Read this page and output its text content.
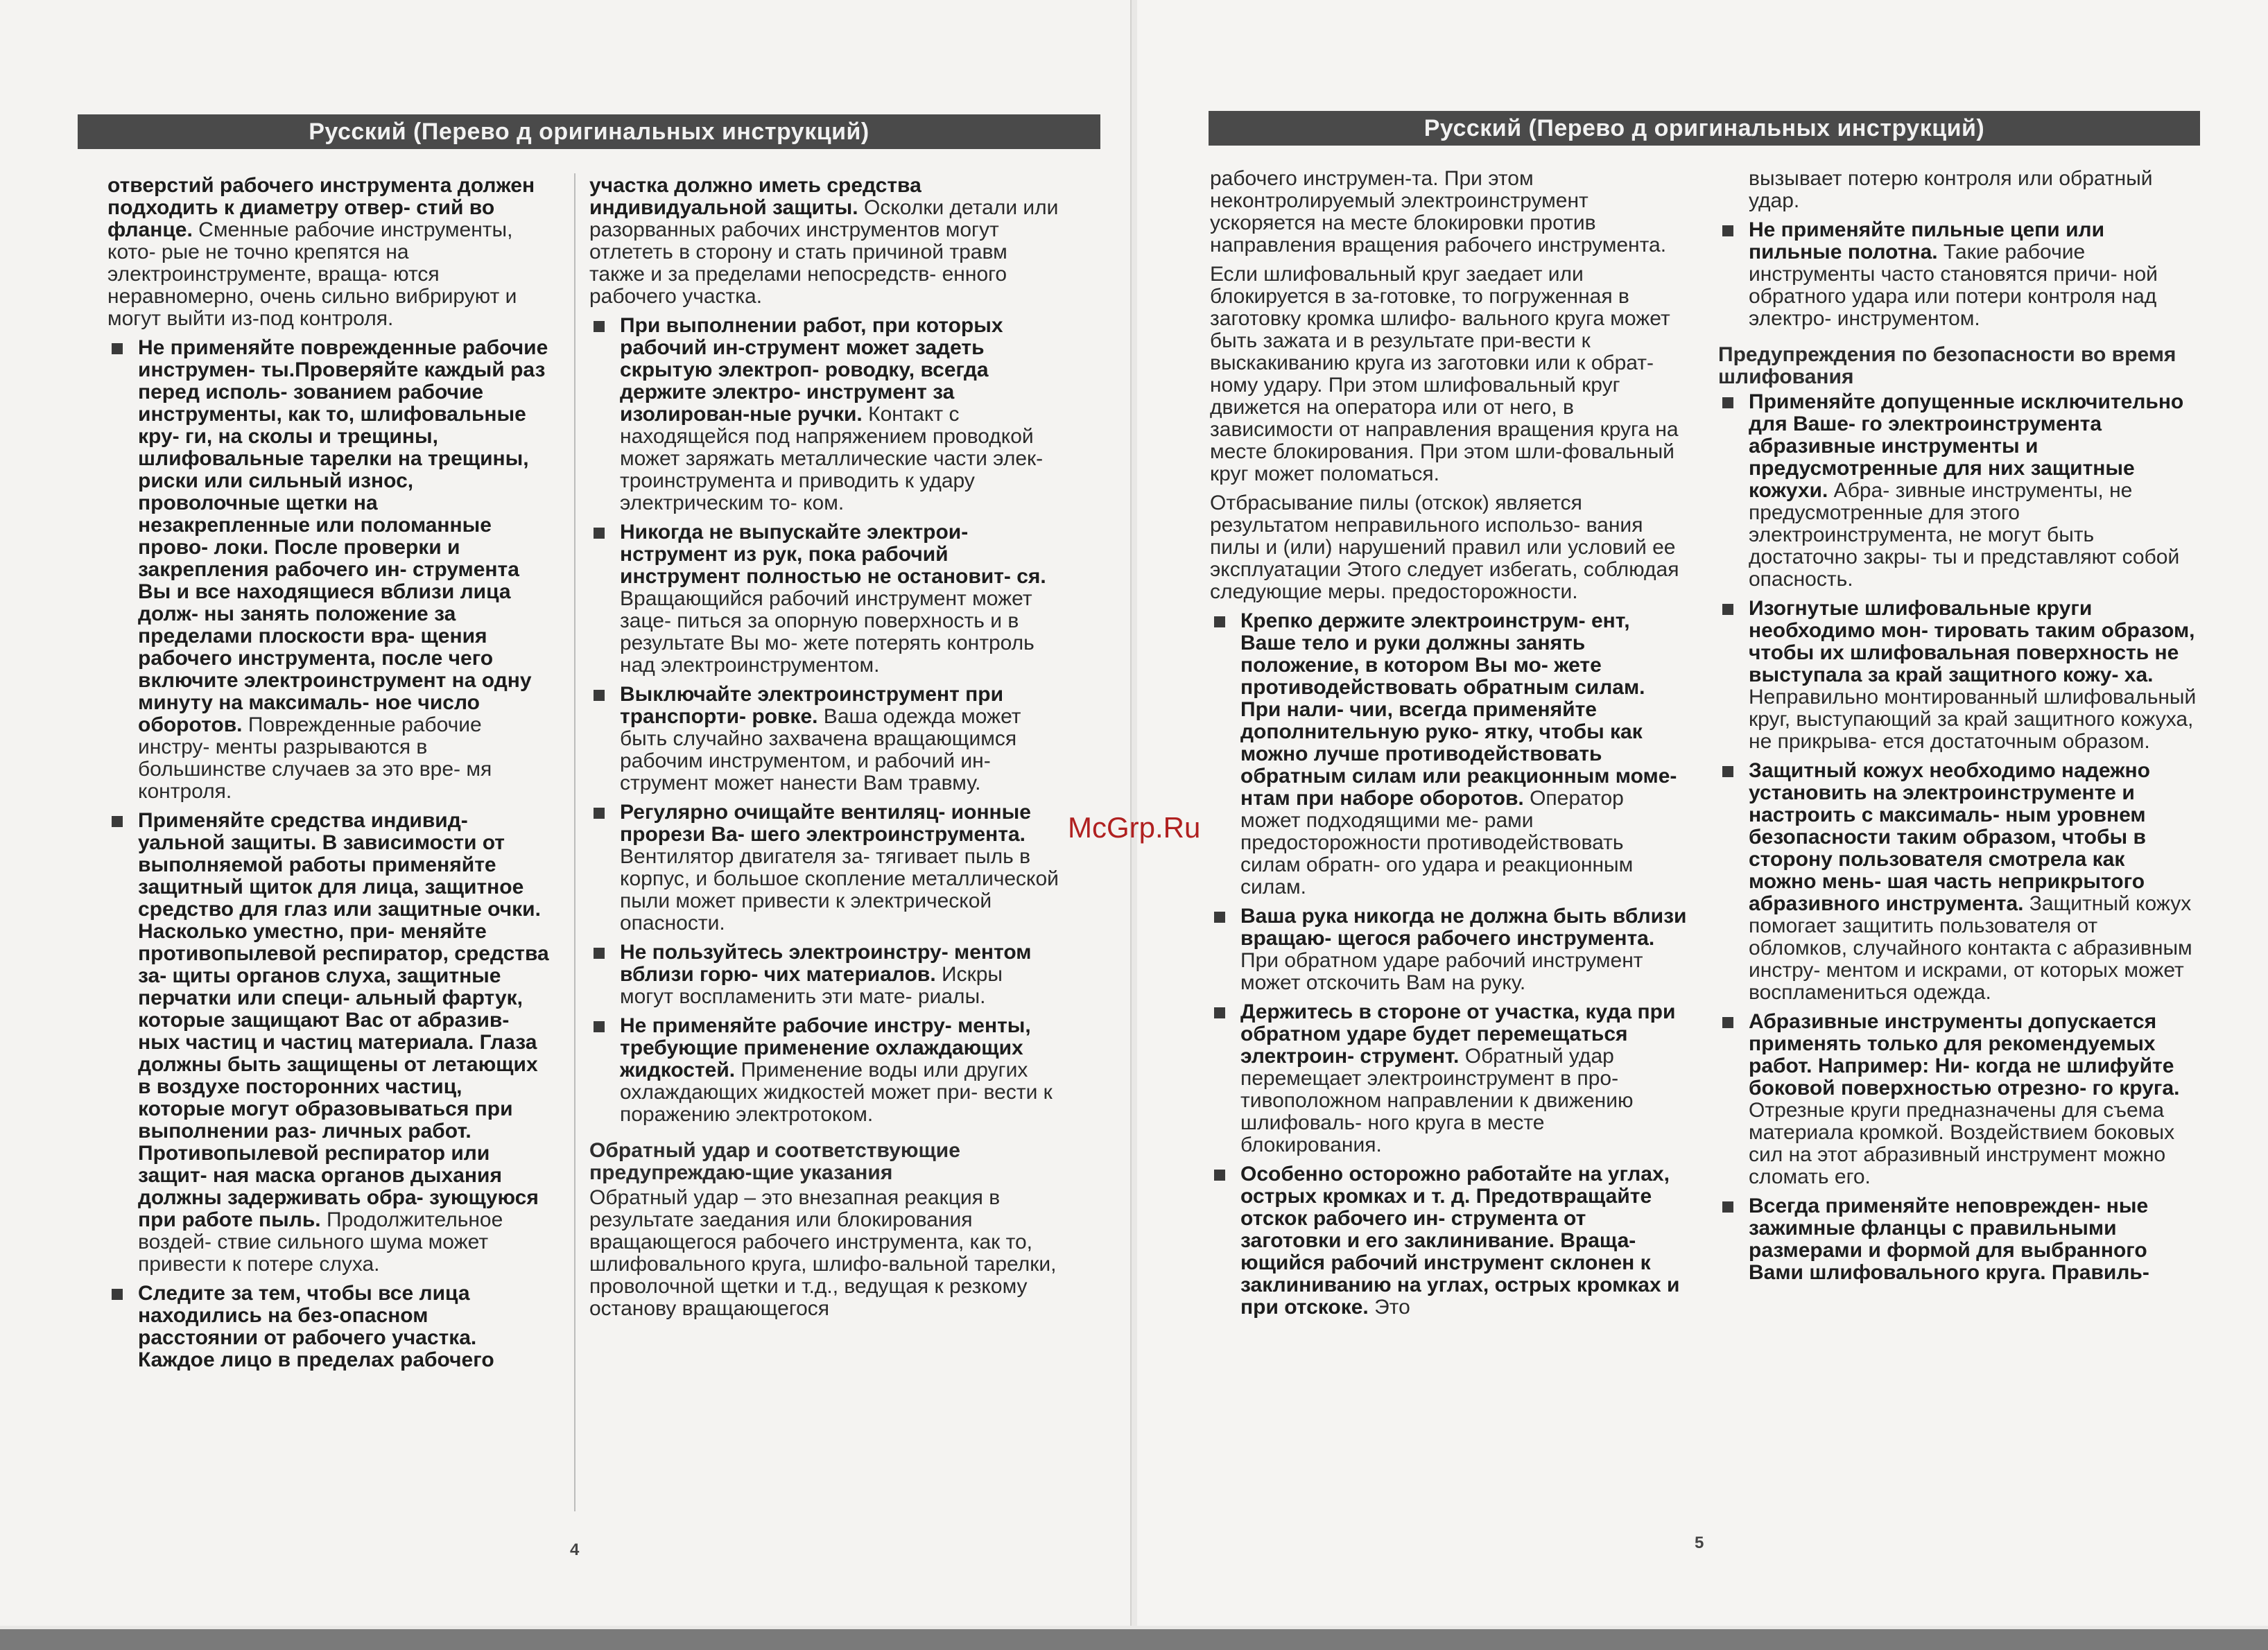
Русский (Перево д оригинальных инструкций)

отверстий рабочего инструмента должен подходить к диаметру отвер- стий во фланце. Сменные рабочие инструменты, кото- рые не точно крепятся на электроинструменте, враща- ются неравномерно, очень сильно вибрируют и могут выйти из-под контроля.

Не применяйте поврежденные рабочие инструмен- ты.Проверяйте каждый раз перед исполь- зованием рабочие инструменты, как то, шлифовальные кру- ги, на сколы и трещины, шлифовальные тарелки на трещины, риски или сильный износ, проволочные щетки на незакрепленные или поломанные прово- локи. После проверки и закрепления рабочего ин- струмента Вы и все находящиеся вблизи лица долж- ны занять положение за пределами плоскости вра- щения рабочего инструмента, после чего включите электроинструмент на одну минуту на максималь- ное число оборотов. Поврежденные рабочие инстру- менты разрываются в большинстве случаев за это вре- мя контроля.
Применяйте средства индивид- уальной защиты. В зависимости от выполняемой работы применяйте защитный щиток для лица, защитное средство для глаз или защитные очки. Насколько уместно, при- меняйте противопылевой респиратор, средства за- щиты органов слуха, защитные перчатки или специ- альный фартук, которые защищают Вас от абразив- ных частиц и частиц материала. Глаза должны быть защищены от летающих в воздухе посторонних частиц, которые могут образовываться при выполнении раз- личных работ. Противопылевой респиратор или защит- ная маска органов дыхания должны задерживать обра- зующуюся при работе пыль. Продолжительное воздей- ствие сильного шума может привести к потере слуха.
Следите за тем, чтобы все лица находились на без-опасном расстоянии от рабочего участка. Каждое лицо в пределах рабочего

участка должно иметь средства индивидуальной защиты. Осколки детали или разорванных рабочих инструментов могут отлететь в сторону и стать причиной травм также и за пределами непосредств- енного рабочего участка.

При выполнении работ, при которых рабочий ин-струмент может задеть скрытую электроп- роводку, всегда держите электро- инструмент за изолирован-ные ручки. Контакт с находящейся под напряжением проводкой может заряжать металлические части элек- троинструмента и приводить к удару электрическим то- ком.
Никогда не выпускайте электрои- нструмент из рук, пока рабочий инструмент полностью не остановит- ся. Вращающийся рабочий инструмент может заце- питься за опорную поверхность и в результате Вы мо- жете потерять контроль над электроинструментом.
Выключайте электроинструмент при транспорти- ровке. Ваша одежда может быть случайно захвачена вращающимся рабочим инструментом, и рабочий ин- струмент может нанести Вам травму.
Регулярно очищайте вентиляц- ионные прорези Ва- шего электроинструмента. Вентилятор двигателя за- тягивает пыль в корпус, и большое скопление металлической пыли может привести к электрической опасности.
Не пользуйтесь электроинстру- ментом вблизи горю- чих материалов. Искры могут воспламенить эти мате- риалы.
Не применяйте рабочие инстру- менты, требующие применение охлаждающих жидкостей. Применение воды или других охлаждающих жидкостей может при- вести к поражению электротоком.
Обратный удар и соответствующие предупреждаю-щие указания

Обратный удар – это внезапная реакция в результате заедания или блокирования вращающегося рабочего инструмента, как то, шлифовального круга, шлифо-вальной тарелки, проволочной щетки и т.д., ведущая к резкому останову вращающегося

4
Русский (Перево д оригинальных инструкций)

рабочего инструмен-та. При этом неконтролируемый электроинструмент ускоряется на месте блокировки против направления вращения рабочего инструмента.

Если шлифовальный круг заедает или блокируется в за-готовке, то погруженная в заготовку кромка шлифо- вального круга может быть зажата и в результате при-вести к выскакиванию круга из заготовки или к обрат-ному удару. При этом шлифовальный круг движется на оператора или от него, в зависимости от направления вращения круга на месте блокирования. При этом шли-фовальный круг может поломаться.

Отбрасывание пилы (отскок) является результатом неправильного использо- вания пилы и (или) нарушений правил или условий ее эксплуатации Этого следует избегать, соблюдая следующие меры. предосторожности.

Крепко держите электроинструм- ент, Ваше тело и руки должны занять положение, в котором Вы мо- жете противодействовать обратным силам. При нали- чии, всегда применяйте дополнительную руко- ятку, чтобы как можно лучше противодействовать обратным силам или реакционным моме- нтам при наборе оборотов. Оператор может подходящими ме- рами предосторожности противодействовать силам обратн- ого удара и реакционным силам.
Ваша рука никогда не должна быть вблизи вращаю- щегося рабочего инструмента. При обратном ударе рабочий инструмент может отскочить Вам на руку.
Держитесь в стороне от участка, куда при обратном ударе будет перемещаться электроин- струмент. Обратный удар перемещает электроинструмент в про- тивоположном направлении к движению шлифоваль- ного круга в месте блокирования.
Особенно осторожно работайте на углах, острых кромках и т. д. Предотвращайте отскок рабочего ин- струмента от заготовки и его заклинивание. Враща- ющийся рабочий инструмент склонен к заклиниванию на углах, острых кромках и при отскоке. Это

вызывает потерю контроля или обратный удар.

Не применяйте пильные цепи или пильные полотна. Такие рабочие инструменты часто становятся причи- ной обратного удара или потери контроля над электро- инструментом.
Предупреждения по безопасности во время шлифования
Применяйте допущенные исключительно для Ваше- го электроинструмента абразивные инструменты и предусмотренные для них защитные кожухи. Абра- зивные инструменты, не предусмотренные для этого электроинструмента, не могут быть достаточно закры- ты и представляют собой опасность.
Изогнутые шлифовальные круги необходимо мон- тировать таким образом, чтобы их шлифовальная поверхность не выступала за край защитного кожу- ха. Неправильно монтированный шлифовальный круг, выступающий за край защитного кожуха, не прикрыва- ется достаточным образом.
Защитный кожух необходимо надежно установить на электроинструменте и настроить с максималь- ным уровнем безопасности таким образом, чтобы в сторону пользователя смотрела как можно мень- шая часть неприкрытого абразивного инструмента. Защитный кожух помогает защитить пользователя от обломков, случайного контакта с абразивным инстру- ментом и искрами, от которых может воспламениться одежда.
Абразивные инструменты допускается применять только для рекомендуемых работ. Например: Ни- когда не шлифуйте боковой поверхностью отрезно- го круга. Отрезные круги предназначены для съема материала кромкой. Воздействием боковых сил на этот абразивный инструмент можно сломать его.
Всегда применяйте неповрежден- ные зажимные фланцы с правильными размерами и формой для выбранного Вами шлифовального круга. Правиль-
5
McGrp.Ru
